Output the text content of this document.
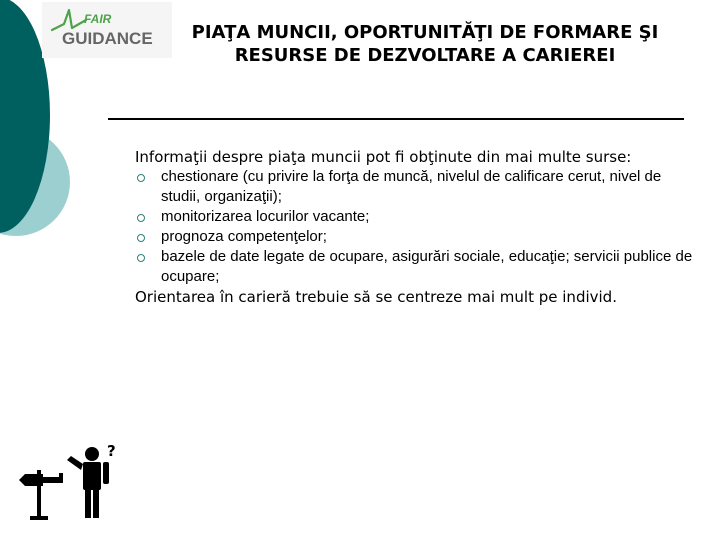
FAIR
GUIDANCE	PIAŢA MUNCII, OPORTUNITĂŢI DE FORMARE ŞI RESURSE DE DEZVOLTARE A CARIEREI

Informaţii despre piaţa muncii pot fi obţinute din mai multe surse:

chestionare (cu privire la forţa de muncă, nivelul de calificare cerut, nivel de studii, organizaţii);
monitorizarea locurilor vacante;
prognoza competenţelor;
bazele de date legate de ocupare, asigurări sociale, educaţie; servicii publice de ocupare;

Orientarea în carieră trebuie să se centreze mai mult pe individ.

?
